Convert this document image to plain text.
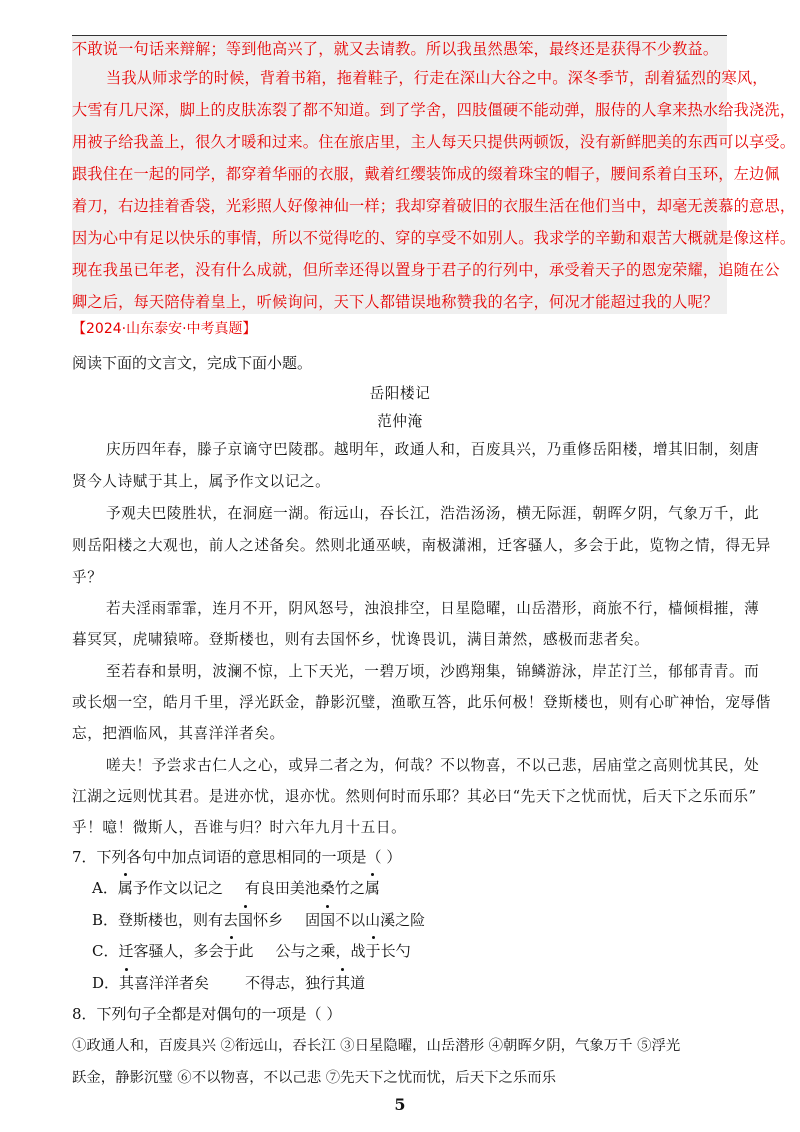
不敢说一句话来辩解；等到他高兴了，就又去请教。所以我虽然愚笨，最终还是获得不少教益。
当我从师求学的时候，背着书箱，拖着鞋子，行走在深山大谷之中。深冬季节，刮着猛烈的寒风，
大雪有几尺深，脚上的皮肤冻裂了都不知道。到了学舍，四肢僵硬不能动弹，服侍的人拿来热水给我浇洗，
用被子给我盖上，很久才暖和过来。住在旅店里，主人每天只提供两顿饭，没有新鲜肥美的东西可以享受。
跟我住在一起的同学，都穿着华丽的衣服，戴着红缨装饰成的缀着珠宝的帽子，腰间系着白玉环，左边佩
着刀，右边挂着香袋，光彩照人好像神仙一样；我却穿着破旧的衣服生活在他们当中，却毫无羡慕的意思，
因为心中有足以快乐的事情，所以不觉得吃的、穿的享受不如别人。我求学的辛勤和艰苦大概就是像这样。
现在我虽已年老，没有什么成就，但所幸还得以置身于君子的行列中，承受着天子的恩宠荣耀，追随在公
卿之后，每天陪侍着皇上，听候询问，天下人都错误地称赞我的名字，何况才能超过我的人呢？
【2024·山东泰安·中考真题】
阅读下面的文言文，完成下面小题。
岳阳楼记
范仲淹
庆历四年春，滕子京谪守巴陵郡。越明年，政通人和，百废具兴，乃重修岳阳楼，增其旧制，刻唐
贤今人诗赋于其上，属予作文以记之。
予观夫巴陵胜状，在洞庭一湖。衔远山，吞长江，浩浩汤汤，横无际涯，朝晖夕阴，气象万千，此
则岳阳楼之大观也，前人之述备矣。然则北通巫峡，南极潇湘，迁客骚人，多会于此，览物之情，得无异
乎？
若夫淫雨霏霏，连月不开，阴风怒号，浊浪排空，日星隐曜，山岳潜形，商旅不行，樯倾楫摧，薄
暮冥冥，虎啸猿啼。登斯楼也，则有去国怀乡，忧谗畏讥，满目萧然，感极而悲者矣。
至若春和景明，波澜不惊，上下天光，一碧万顷，沙鸥翔集，锦鳞游泳，岸芷汀兰，郁郁青青。而
或长烟一空，皓月千里，浮光跃金，静影沉璧，渔歌互答，此乐何极！登斯楼也，则有心旷神怡，宠辱偕
忘，把酒临风，其喜洋洋者矣。
嗟夫！予尝求古仁人之心，或异二者之为，何哉？不以物喜，不以己悲，居庙堂之高则忧其民，处
江湖之远则忧其君。是进亦忧，退亦忧。然则何时而乐耶？其必曰“先天下之忧而忧，后天下之乐而乐”
乎！噫！微斯人，吾谁与归？时六年九月十五日。
7．下列各句中加点词语的意思相同的一项是（ ）
A．属予作文以记之 有良田美池桑竹之属
B．登斯楼也，则有去国怀乡 固国不以山溪之险
C．迁客骚人，多会于此 公与之乘，战于长勺
D．其喜洋洋者矣 不得志，独行其道
8．下列句子全都是对偶句的一项是（ ）
①政通人和，百废具兴 ②衔远山，吞长江 ③日星隐曜，山岳潜形 ④朝晖夕阴，气象万千 ⑤浮光
跃金，静影沉璧 ⑥不以物喜，不以己悲 ⑦先天下之忧而忧，后天下之乐而乐
5
